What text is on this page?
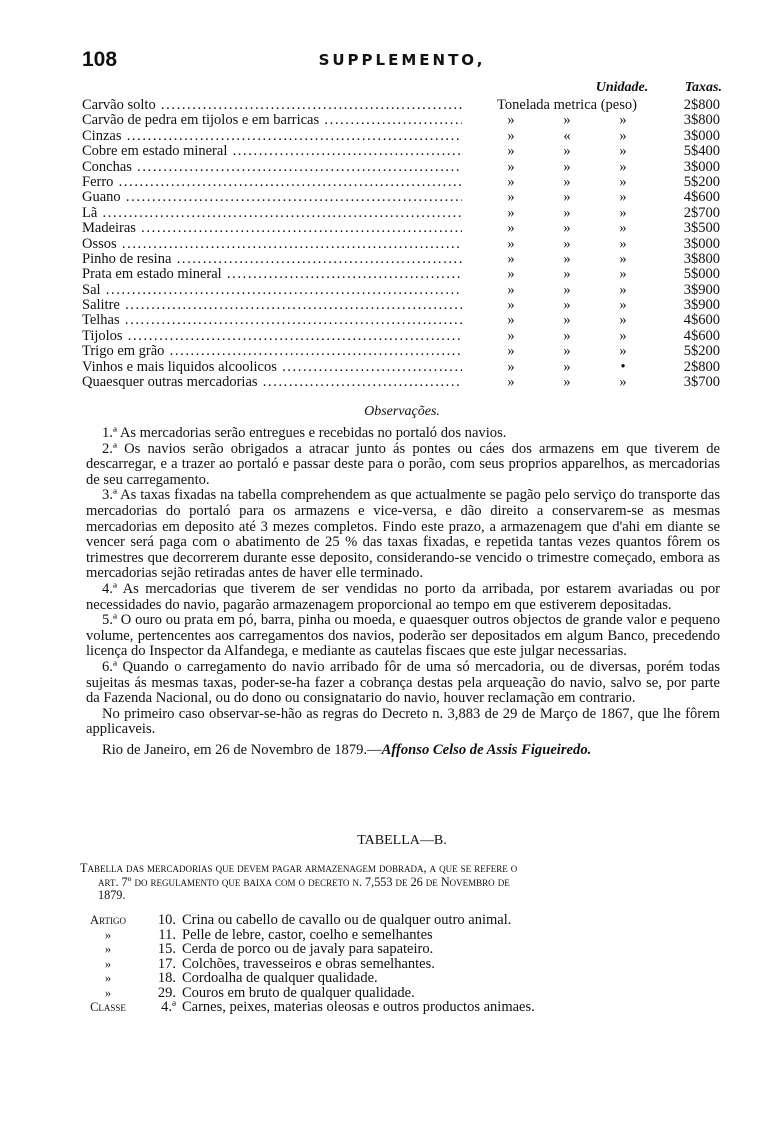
108	SUPPLEMENTO,
Unidade.	Taxas.
Carvão solto .....	Tonelada metrica (peso)	2$800
Carvão de pedra em tijolos e em barricas .....	»	»	»	3$800
Cinzas .....	»	«	»	3$000
Cobre em estado mineral .....	»	»	»	5$400
Conchas .....	»	»	»	3$000
Ferro .....	»	»	»	5$200
Guano .....	»	»	»	4$600
Lã .....	»	»	»	2$700
Madeiras .....	»	»	»	3$500
Ossos .....	»	»	»	3$000
Pinho de resina .....	»	»	»	3$800
Prata em estado mineral .....	»	»	»	5$000
Sal .....	»	»	»	3$900
Salitre .....	»	»	»	3$900
Telhas .....	»	»	»	4$600
Tijolos .....	»	»	»	4$600
Trigo em grão .....	»	»	»	5$200
Vinhos e mais liquidos alcoolicos .....	»	»	•	2$800
Quaesquer outras mercadorias .....	»	»	»	3$700
Observações.

1.ª As mercadorias serão entregues e recebidas no portaló dos navios.

2.ª Os navios serão obrigados a atracar junto ás pontes ou cáes dos armazens em que tiverem de descarregar, e a trazer ao portaló e passar deste para o porão, com seus proprios apparelhos, as mercadorias de seu carregamento.

3.ª As taxas fixadas na tabella comprehendem as que actualmente se pagão pelo serviço do transporte das mercadorias do portaló para os armazens e vice-versa, e dão direito a conservarem-se as mesmas mercadorias em deposito até 3 mezes completos. Findo este prazo, a armazenagem que d'ahi em diante se vencer será paga com o abatimento de 25 % das taxas fixadas, e repetida tantas vezes quantos fôrem os trimestres que decorrerem durante esse deposito, considerando-se vencido o trimestre começado, embora as mercadorias sejão retiradas antes de haver elle terminado.

4.ª As mercadorias que tiverem de ser vendidas no porto da arribada, por estarem avariadas ou por necessidades do navio, pagarão armazenagem proporcional ao tempo em que estiverem depositadas.

5.ª O ouro ou prata em pó, barra, pinha ou moeda, e quaesquer outros objectos de grande valor e pequeno volume, pertencentes aos carregamentos dos navios, poderão ser depositados em algum Banco, precedendo licença do Inspector da Alfandega, e mediante as cautelas fiscaes que este julgar necessarias.

6.ª Quando o carregamento do navio arribado fôr de uma só mercadoria, ou de diversas, porém todas sujeitas ás mesmas taxas, poder-se-ha fazer a cobrança destas pela arqueação do navio, salvo se, por parte da Fazenda Nacional, ou do dono ou consignatario do navio, houver reclamação em contrario.

No primeiro caso observar-se-hão as regras do Decreto n. 3,883 de 29 de Março de 1867, que lhe fôrem applicaveis.

Rio de Janeiro, em 26 de Novembro de 1879.—Affonso Celso de Assis Figueiredo.

TABELLA—B.
Tabella das mercadorias que devem pagar armazenagem dobrada, a que se refere o
art. 7º do regulamento que baixa com o decreto n. 7,553 de 26 de Novembro de
1879.
Artigo	10. Crina ou cabello de cavallo ou de qualquer outro animal.
»	11. Pelle de lebre, castor, coelho e semelhantes
»	15. Cerda de porco ou de javaly para sapateiro.
»	17. Colchões, travesseiros e obras semelhantes.
»	18. Cordoalha de qualquer qualidade.
»	29. Couros em bruto de qualquer qualidade.
Classe	4.ª Carnes, peixes, materias oleosas e outros productos animaes.
